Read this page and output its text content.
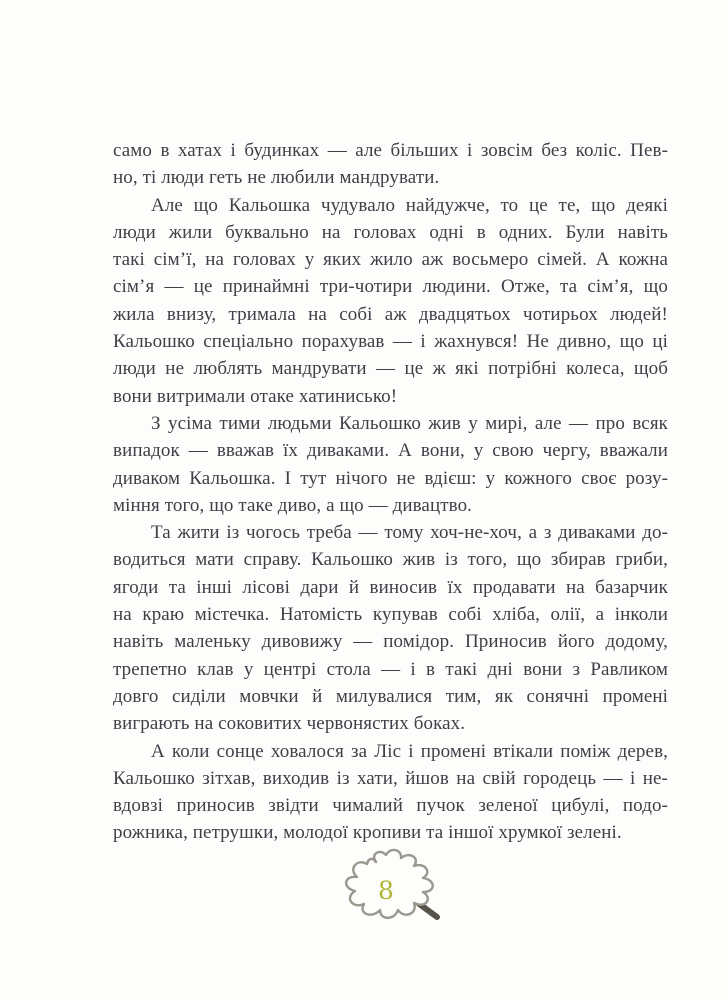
само в хатах і будинках — але більших і зовсім без коліс. Пев-
но, ті люди геть не любили мандрувати.
Але що Кальошка чудувало найдужче, то це те, що деякі
люди жили буквально на головах одні в одних. Були навіть
такі сім’ї, на головах у яких жило аж восьмеро сімей. А кожна
сім’я — це принаймні три-чотири людини. Отже, та сім’я, що
жила внизу, тримала на собі аж двадцятьох чотирьох людей!
Кальошко спеціально порахував — і жахнувся! Не дивно, що ці
люди не люблять мандрувати — це ж які потрібні колеса, щоб
вони витримали отаке хатинисько!
З усіма тими людьми Кальошко жив у мирі, але — про всяк
випадок — вважав їх диваками. А вони, у свою чергу, вважали
диваком Кальошка. І тут нічого не вдієш: у кожного своє розу-
міння того, що таке диво, а що — дивацтво.
Та жити із чогось треба — тому хоч-не-хоч, а з диваками до-
водиться мати справу. Кальошко жив із того, що збирав гриби,
ягоди та інші лісові дари й виносив їх продавати на базарчик
на краю містечка. Натомість купував собі хліба, олії, а інколи
навіть маленьку дивовижу — помідор. Приносив його додому,
трепетно клав у центрі стола — і в такі дні вони з Равликом
довго сиділи мовчки й милувалися тим, як сонячні промені
виграють на соковитих червонястих боках.
А коли сонце ховалося за Ліс і промені втікали поміж дерев,
Кальошко зітхав, виходив із хати, йшов на свій городець — і не-
вдовзі приносив звідти чималий пучок зеленої цибулі, подо-
рожника, петрушки, молодої кропиви та іншої хрумкої зелені.
8
